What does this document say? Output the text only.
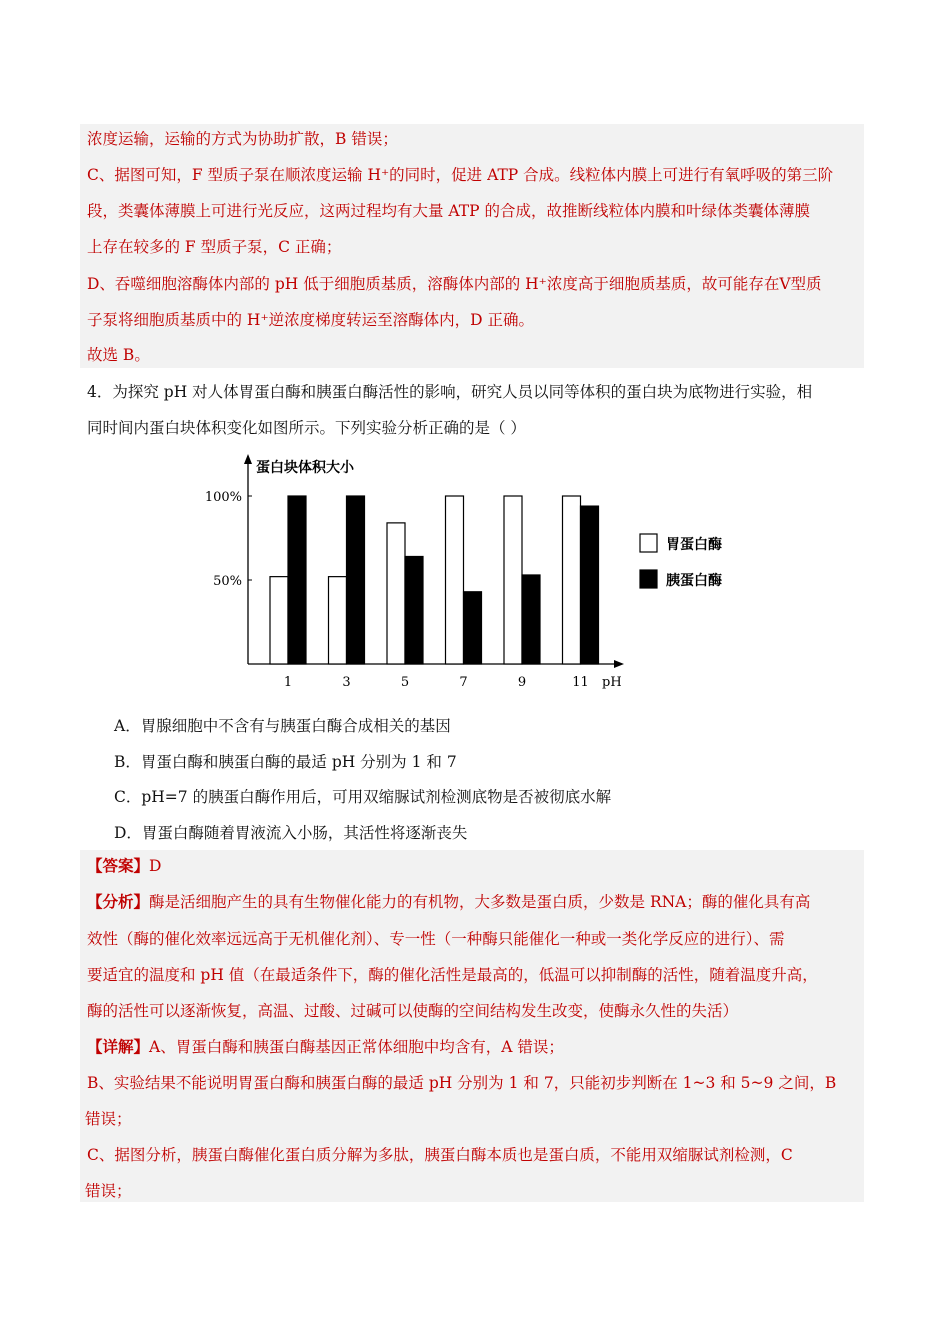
浓度运输，运输的方式为协助扩散，B 错误；
C、据图可知，F 型质子泵在顺浓度运输 H⁺的同时，促进 ATP 合成。线粒体内膜上可进行有氧呼吸的第三阶
段，类囊体薄膜上可进行光反应，这两过程均有大量 ATP 的合成，故推断线粒体内膜和叶绿体类囊体薄膜
上存在较多的 F 型质子泵，C 正确；
D、吞噬细胞溶酶体内部的 pH 低于细胞质基质，溶酶体内部的 H⁺浓度高于细胞质基质，故可能存在Ⅴ型质
子泵将细胞质基质中的 H⁺逆浓度梯度转运至溶酶体内，D 正确。
故选 B。
4．为探究 pH 对人体胃蛋白酶和胰蛋白酶活性的影响，研究人员以同等体积的蛋白块为底物进行实验，相
同时间内蛋白块体积变化如图所示。下列实验分析正确的是（ ）
蛋白块体积大小
100%
50%
1	3	5	7	9	11 pH
胃蛋白酶
胰蛋白酶
A．胃腺细胞中不含有与胰蛋白酶合成相关的基因
B．胃蛋白酶和胰蛋白酶的最适 pH 分别为 1 和 7
C．pH=7 的胰蛋白酶作用后，可用双缩脲试剂检测底物是否被彻底水解
D．胃蛋白酶随着胃液流入小肠，其活性将逐渐丧失
【答案】D
【分析】酶是活细胞产生的具有生物催化能力的有机物，大多数是蛋白质，少数是 RNA；酶的催化具有高
效性（酶的催化效率远远高于无机催化剂）、专一性（一种酶只能催化一种或一类化学反应的进行）、需
要适宜的温度和 pH 值（在最适条件下，酶的催化活性是最高的，低温可以抑制酶的活性，随着温度升高，
酶的活性可以逐渐恢复，高温、过酸、过碱可以使酶的空间结构发生改变，使酶永久性的失活）
【详解】A、胃蛋白酶和胰蛋白酶基因正常体细胞中均含有，A 错误；
B、实验结果不能说明胃蛋白酶和胰蛋白酶的最适 pH 分别为 1 和 7，只能初步判断在 1~3 和 5~9 之间，B
错误；
C、据图分析，胰蛋白酶催化蛋白质分解为多肽，胰蛋白酶本质也是蛋白质，不能用双缩脲试剂检测，C
错误；
